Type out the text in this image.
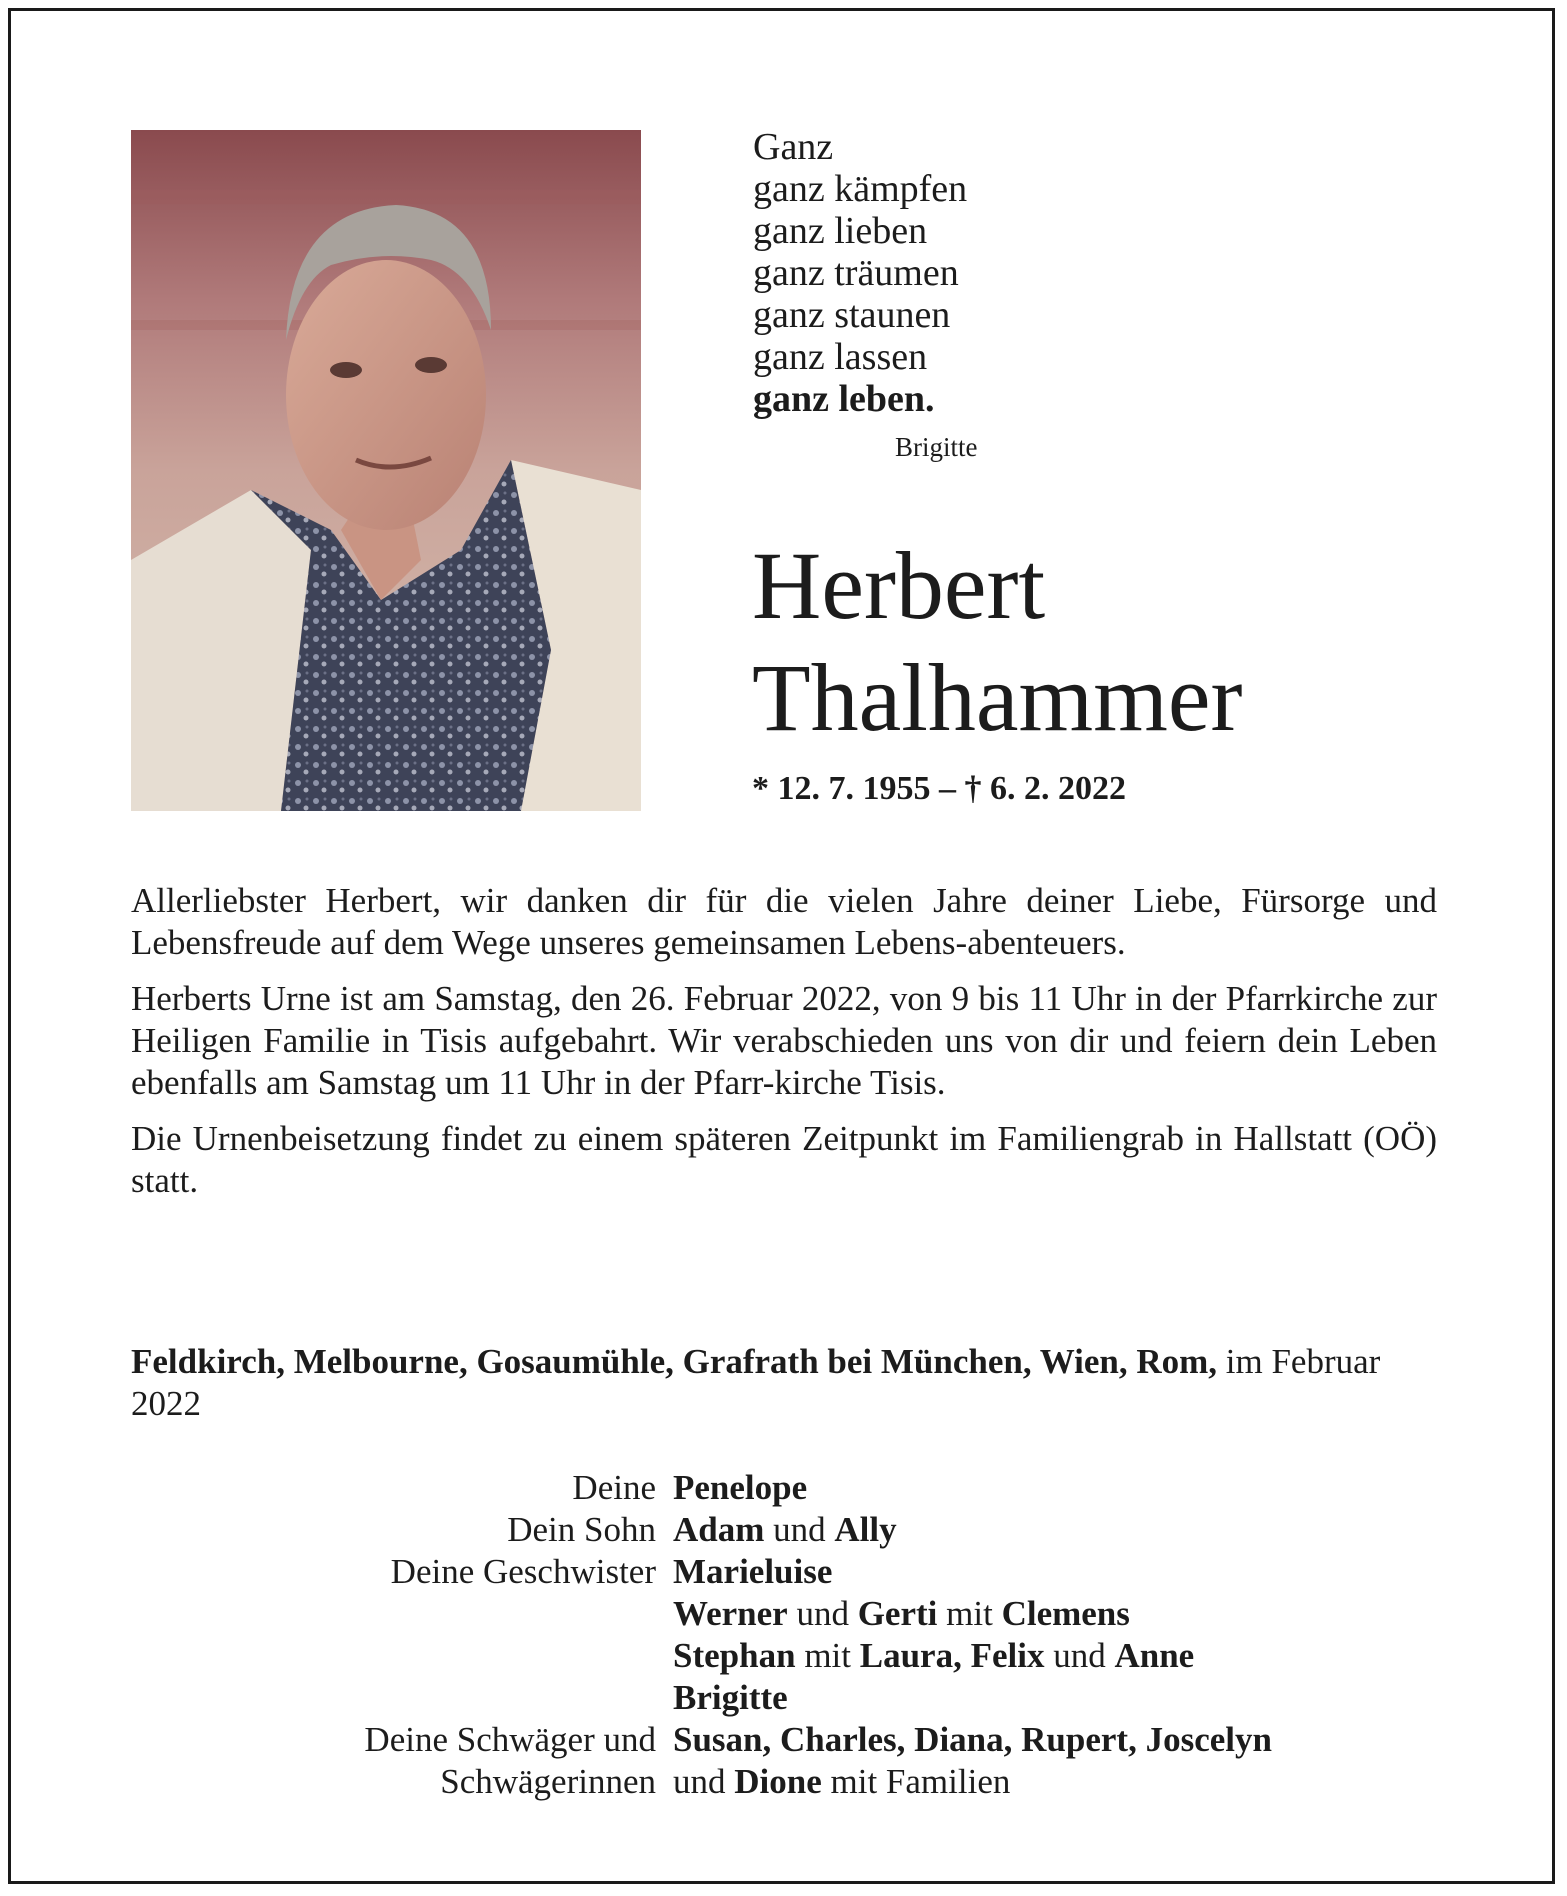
Ganz
ganz kämpfen
ganz lieben
ganz träumen
ganz staunen
ganz lassen
ganz leben.
Brigitte
Herbert
Thalhammer
* 12. 7. 1955 – † 6. 2. 2022

Allerliebster Herbert, wir danken dir für die vielen Jahre deiner Liebe, Fürsorge und Lebensfreude auf dem Wege unseres gemeinsamen Lebens-abenteuers.

Herberts Urne ist am Samstag, den 26. Februar 2022, von 9 bis 11 Uhr in der Pfarrkirche zur Heiligen Familie in Tisis aufgebahrt. Wir verabschieden uns von dir und feiern dein Leben ebenfalls am Samstag um 11 Uhr in der Pfarr-kirche Tisis.

Die Urnenbeisetzung findet zu einem späteren Zeitpunkt im Familiengrab in Hallstatt (OÖ) statt.

Feldkirch, Melbourne, Gosaumühle, Grafrath bei München, Wien, Rom, im Februar 2022
Deine Penelope
Dein Sohn Adam und Ally
Deine Geschwister Marieluise
Werner und Gerti mit Clemens
Stephan mit Laura, Felix und Anne
Brigitte
Deine Schwäger und Susan, Charles, Diana, Rupert, Joscelyn
Schwägerinnen und Dione mit Familien
